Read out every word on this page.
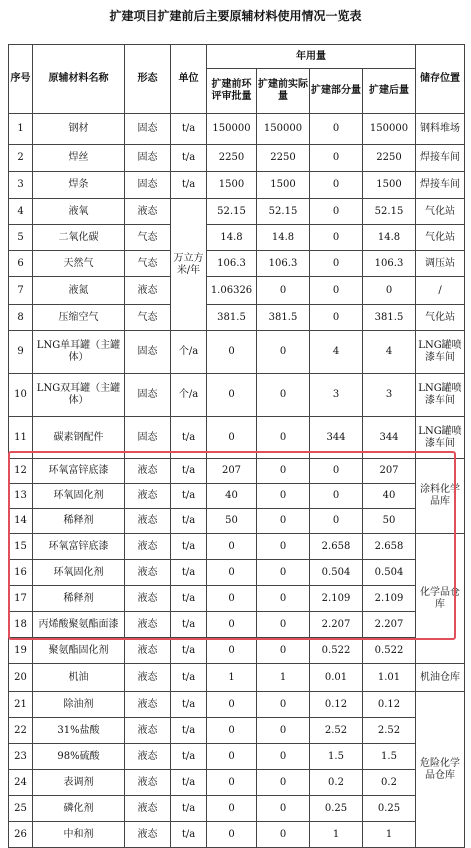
扩建项目扩建前后主要原辅材料使用情况一览表
序号	原辅材料名称	形态	单位	年用量				储存位置
				扩建前环评审批量	扩建前实际量	扩建部分量	扩建后量	
1	钢材	固态	t/a	150000	150000	0	150000	钢料堆场
2	焊丝	固态	t/a	2250	2250	0	2250	焊接车间
3	焊条	固态	t/a	1500	1500	0	1500	焊接车间
4	液氧	液态	万立方米/年	52.15	52.15	0	52.15	气化站
5	二氧化碳	气态		14.8	14.8	0	14.8	气化站
6	天然气	气态		106.3	106.3	0	106.3	调压站
7	液氮	液态		1.06326	0	0	0	/
8	压缩空气	气态		381.5	381.5	0	381.5	气化站
9	LNG单耳罐（主罐体）	固态	个/a	0	0	4	4	LNG罐喷漆车间
10	LNG双耳罐（主罐体）	固态	个/a	0	0	3	3	LNG罐喷漆车间
11	碳素钢配件	固态	t/a	0	0	344	344	LNG罐喷漆车间
12	环氧富锌底漆	液态	t/a	207	0	0	207	涂料化学品库
13	环氧固化剂	液态	t/a	40	0	0	40	
14	稀释剂	液态	t/a	50	0	0	50	
15	环氧富锌底漆	液态	t/a	0	0	2.658	2.658	化学品仓库
16	环氧固化剂	液态	t/a	0	0	0.504	0.504	
17	稀释剂	液态	t/a	0	0	2.109	2.109	
18	丙烯酸聚氨酯面漆	液态	t/a	0	0	2.207	2.207	
19	聚氨酯固化剂	液态	t/a	0	0	0.522	0.522	
20	机油	液态	t/a	1	1	0.01	1.01	机油仓库
21	除油剂	液态	t/a	0	0	0.12	0.12	危险化学品仓库
22	31%盐酸	液态	t/a	0	0	2.52	2.52	
23	98%硫酸	液态	t/a	0	0	1.5	1.5	
24	表调剂	液态	t/a	0	0	0.2	0.2	
25	磷化剂	液态	t/a	0	0	0.25	0.25	
26	中和剂	液态	t/a	0	0	1	1	
